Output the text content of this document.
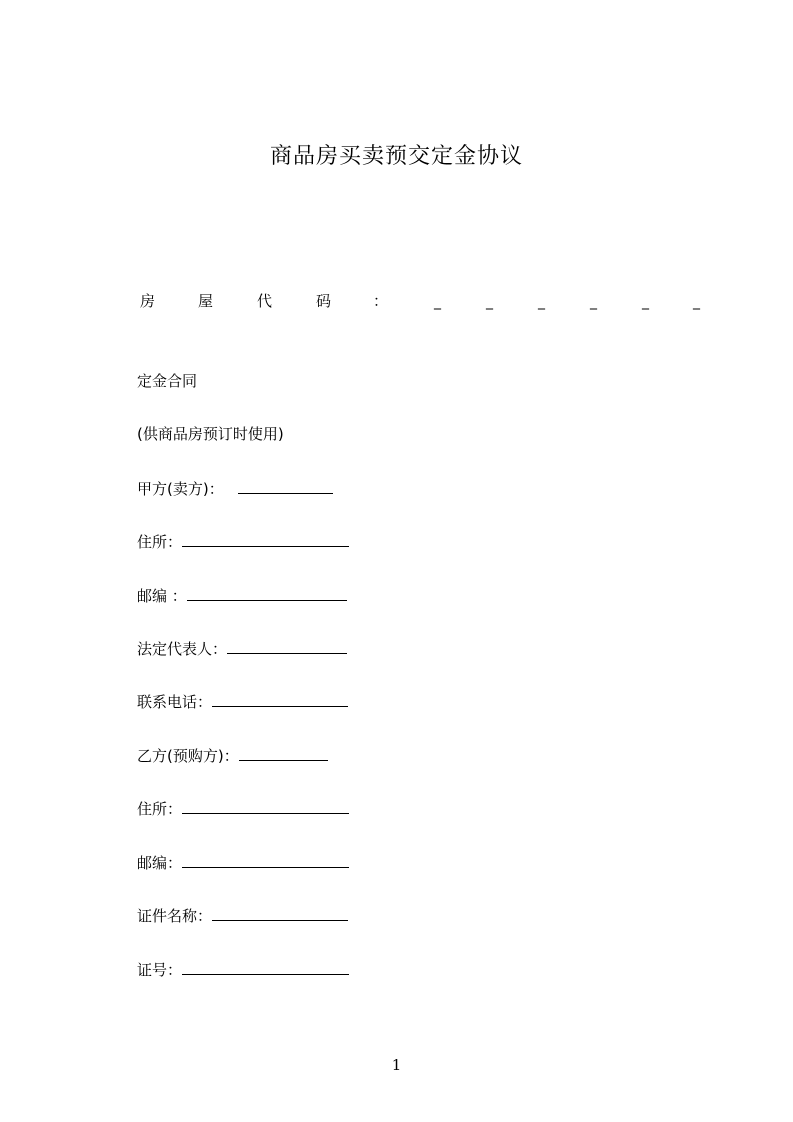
商品房买卖预交定金协议
房	屋	代	码	：	_	_	_	_	_	_
定金合同
(供商品房预订时使用)
甲方(卖方)：
住所：
邮编 ：
法定代表人：
联系电话：
乙方(预购方)：
住所：
邮编：
证件名称：
证号：
1
